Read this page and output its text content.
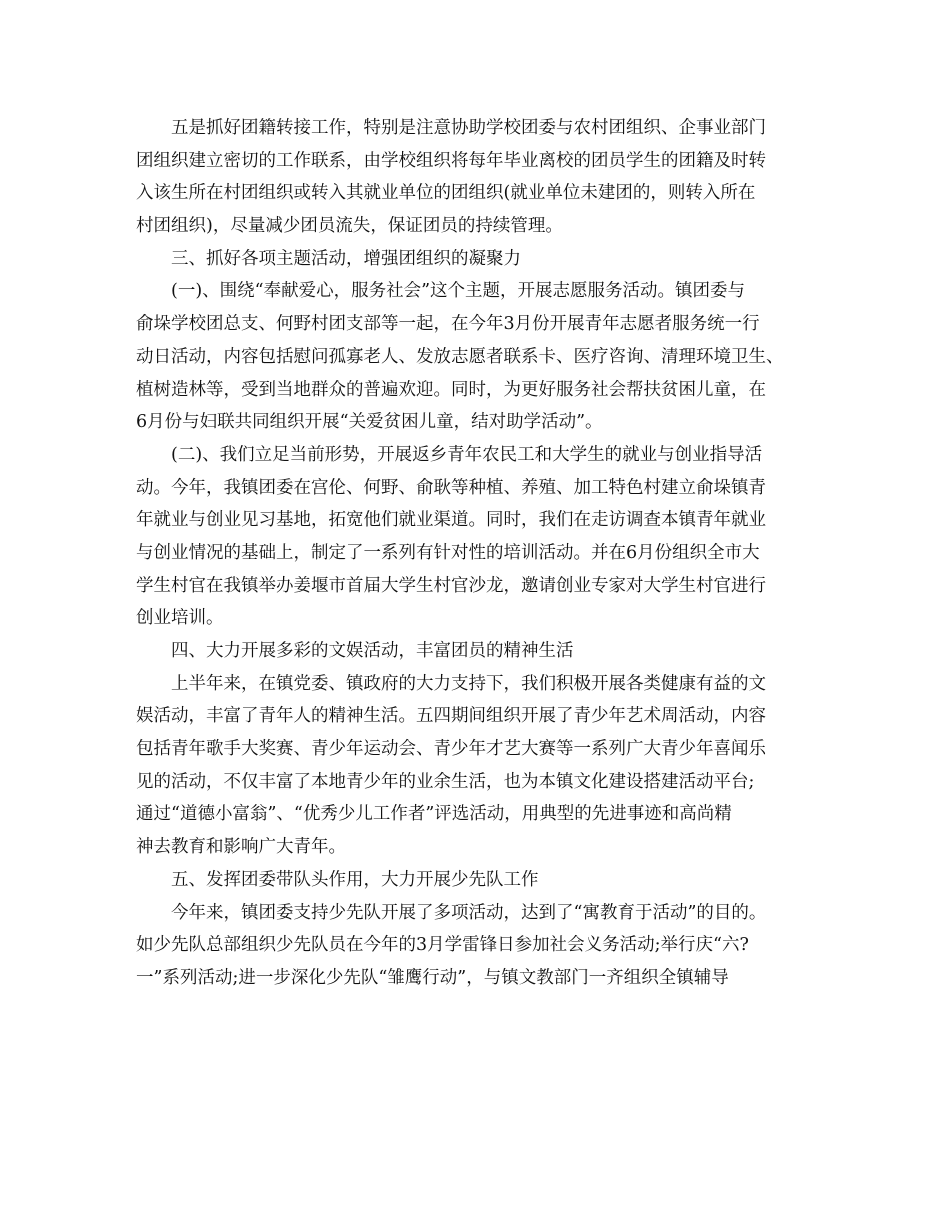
　　五是抓好团籍转接工作，特别是注意协助学校团委与农村团组织、企事业部门
团组织建立密切的工作联系，由学校组织将每年毕业离校的团员学生的团籍及时转
入该生所在村团组织或转入其就业单位的团组织(就业单位未建团的，则转入所在
村团组织)，尽量减少团员流失，保证团员的持续管理。
　　三、抓好各项主题活动，增强团组织的凝聚力
　　(一)、围绕“奉献爱心，服务社会”这个主题，开展志愿服务活动。镇团委与
俞垛学校团总支、何野村团支部等一起，在今年3月份开展青年志愿者服务统一行
动日活动，内容包括慰问孤寡老人、发放志愿者联系卡、医疗咨询、清理环境卫生、
植树造林等，受到当地群众的普遍欢迎。同时，为更好服务社会帮扶贫困儿童，在
6月份与妇联共同组织开展“关爱贫困儿童，结对助学活动”。
　　(二)、我们立足当前形势，开展返乡青年农民工和大学生的就业与创业指导活
动。今年，我镇团委在宫伦、何野、俞耿等种植、养殖、加工特色村建立俞垛镇青
年就业与创业见习基地，拓宽他们就业渠道。同时，我们在走访调查本镇青年就业
与创业情况的基础上，制定了一系列有针对性的培训活动。并在6月份组织全市大
学生村官在我镇举办姜堰市首届大学生村官沙龙，邀请创业专家对大学生村官进行
创业培训。
　　四、大力开展多彩的文娱活动，丰富团员的精神生活
　　上半年来，在镇党委、镇政府的大力支持下，我们积极开展各类健康有益的文
娱活动，丰富了青年人的精神生活。五四期间组织开展了青少年艺术周活动，内容
包括青年歌手大奖赛、青少年运动会、青少年才艺大赛等一系列广大青少年喜闻乐
见的活动，不仅丰富了本地青少年的业余生活，也为本镇文化建设搭建活动平台;
通过“道德小富翁”、“优秀少儿工作者”评选活动，用典型的先进事迹和高尚精
神去教育和影响广大青年。
　　五、发挥团委带队头作用，大力开展少先队工作
　　今年来，镇团委支持少先队开展了多项活动，达到了“寓教育于活动”的目的。
如少先队总部组织少先队员在今年的3月学雷锋日参加社会义务活动;举行庆“六?
一”系列活动;进一步深化少先队“雏鹰行动”，与镇文教部门一齐组织全镇辅导
